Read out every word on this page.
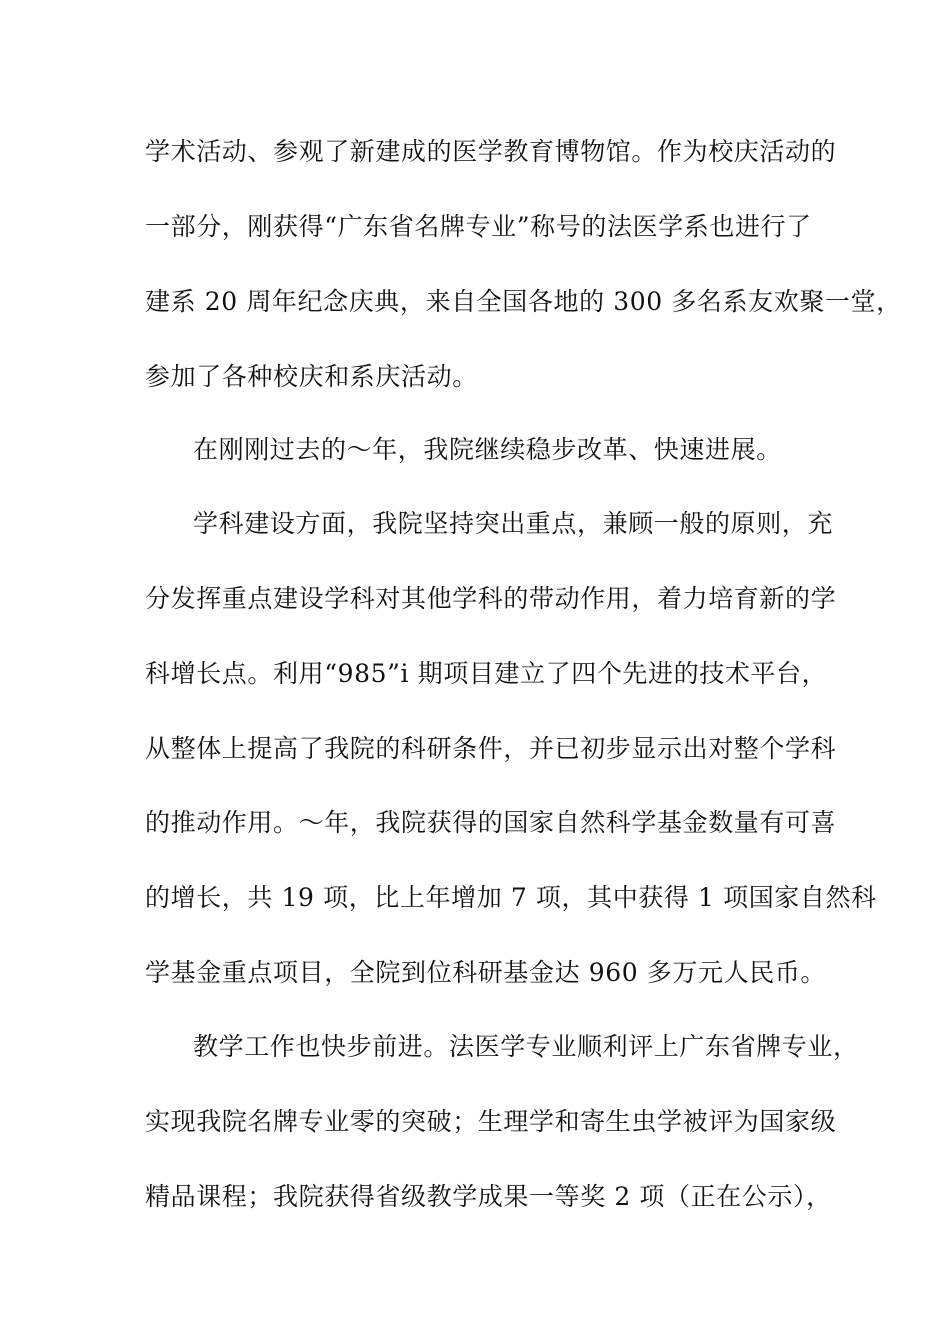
学术活动、参观了新建成的医学教育博物馆。作为校庆活动的
一部分，刚获得“广东省名牌专业”称号的法医学系也进行了
建系 20 周年纪念庆典，来自全国各地的 300 多名系友欢聚一堂，
参加了各种校庆和系庆活动。
在刚刚过去的～年，我院继续稳步改革、快速进展。
学科建设方面，我院坚持突出重点，兼顾一般的原则，充
分发挥重点建设学科对其他学科的带动作用，着力培育新的学
科增长点。利用“985”i 期项目建立了四个先进的技术平台，
从整体上提高了我院的科研条件，并已初步显示出对整个学科
的推动作用。～年，我院获得的国家自然科学基金数量有可喜
的增长，共 19 项，比上年增加 7 项，其中获得 1 项国家自然科
学基金重点项目，全院到位科研基金达 960 多万元人民币。
教学工作也快步前进。法医学专业顺利评上广东省牌专业，
实现我院名牌专业零的突破；生理学和寄生虫学被评为国家级
精品课程；我院获得省级教学成果一等奖 2 项（正在公示），
